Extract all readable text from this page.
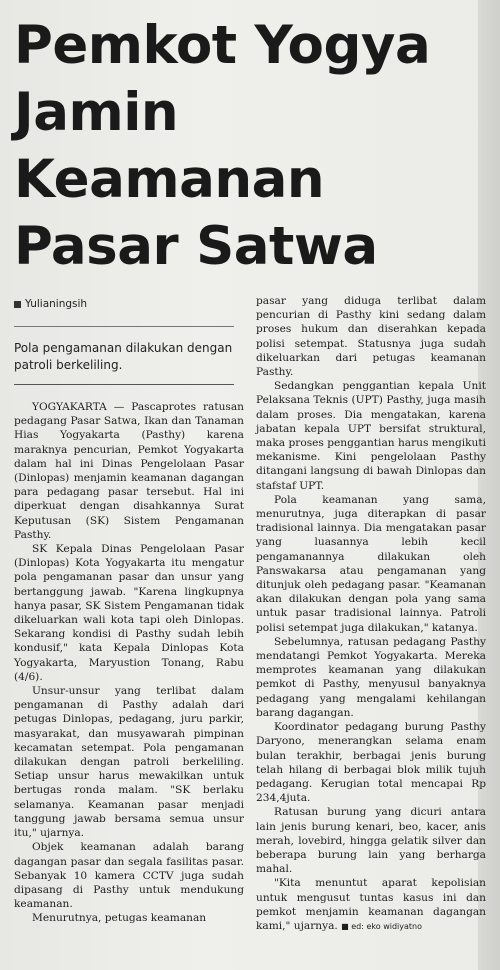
Pemkot Yogya Jamin Keamanan Pasar Satwa
Yulianingsih
Pola pengamanan dilakukan dengan patroli berkeliling.

YOGYAKARTA — Pascaprotes ratusan pedagang Pasar Satwa, Ikan dan Tanaman Hias Yogyakarta (Pasthy) karena maraknya pencurian, Pemkot Yogyakarta dalam hal ini Dinas Pengelolaan Pasar (Dinlopas) menjamin keamanan dagangan para pedagang pasar tersebut. Hal ini diperkuat dengan disahkannya Surat Keputusan (SK) Sistem Pengamanan Pasthy.

SK Kepala Dinas Pengelolaan Pasar (Dinlopas) Kota Yogyakarta itu mengatur pola pengamanan pasar dan unsur yang bertanggung jawab. "Karena lingkupnya hanya pasar, SK Sistem Pengamanan tidak dikeluarkan wali kota tapi oleh Dinlopas. Sekarang kondisi di Pasthy sudah lebih kondusif," kata Kepala Dinlopas Kota Yogyakarta, Maryustion Tonang, Rabu (4/6).

Unsur-unsur yang terlibat dalam pengamanan di Pasthy adalah dari petugas Dinlopas, pedagang, juru parkir, masyarakat, dan musyawarah pimpinan kecamatan setempat. Pola pengamanan dilakukan dengan patroli berkeliling. Setiap unsur harus mewakilkan untuk bertugas ronda malam. "SK berlaku selamanya. Keamanan pasar menjadi tanggung jawab bersama semua unsur itu," ujarnya.

Objek keamanan adalah barang dagangan pasar dan segala fasilitas pasar. Sebanyak 10 kamera CCTV juga sudah dipasang di Pasthy untuk mendukung keamanan.

Menurutnya, petugas keamanan

pasar yang diduga terlibat dalam pencurian di Pasthy kini sedang dalam proses hukum dan diserahkan kepada polisi setempat. Statusnya juga sudah dikeluarkan dari petugas keamanan Pasthy.

Sedangkan penggantian kepala Unit Pelaksana Teknis (UPT) Pasthy, juga masih dalam proses. Dia mengatakan, karena jabatan kepala UPT bersifat struktural, maka proses penggantian harus mengikuti mekanisme. Kini pengelolaan Pasthy ditangani langsung di bawah Dinlopas dan stafstaf UPT.

Pola keamanan yang sama, menurutnya, juga diterapkan di pasar tradisional lainnya. Dia mengatakan pasar yang luasannya lebih kecil pengamanannya dilakukan oleh Panswakarsa atau pengamanan yang ditunjuk oleh pedagang pasar. "Keamanan akan dilakukan dengan pola yang sama untuk pasar tradisional lainnya. Patroli polisi setempat juga dilakukan," katanya.

Sebelumnya, ratusan pedagang Pasthy mendatangi Pemkot Yogyakarta. Mereka memprotes keamanan yang dilakukan pemkot di Pasthy, menyusul banyaknya pedagang yang mengalami kehilangan barang dagangan.

Koordinator pedagang burung Pasthy Daryono, menerangkan selama enam bulan terakhir, berbagai jenis burung telah hilang di berbagai blok milik tujuh pedagang. Kerugian total mencapai Rp 234,4juta.

Ratusan burung yang dicuri antara lain jenis burung kenari, beo, kacer, anis merah, lovebird, hingga gelatik silver dan beberapa burung lain yang berharga mahal.

"Kita menuntut aparat kepolisian untuk mengusut tuntas kasus ini dan pemkot menjamin keamanan dagangan kami," ujarnya. ■ ed: eko widiyatno
